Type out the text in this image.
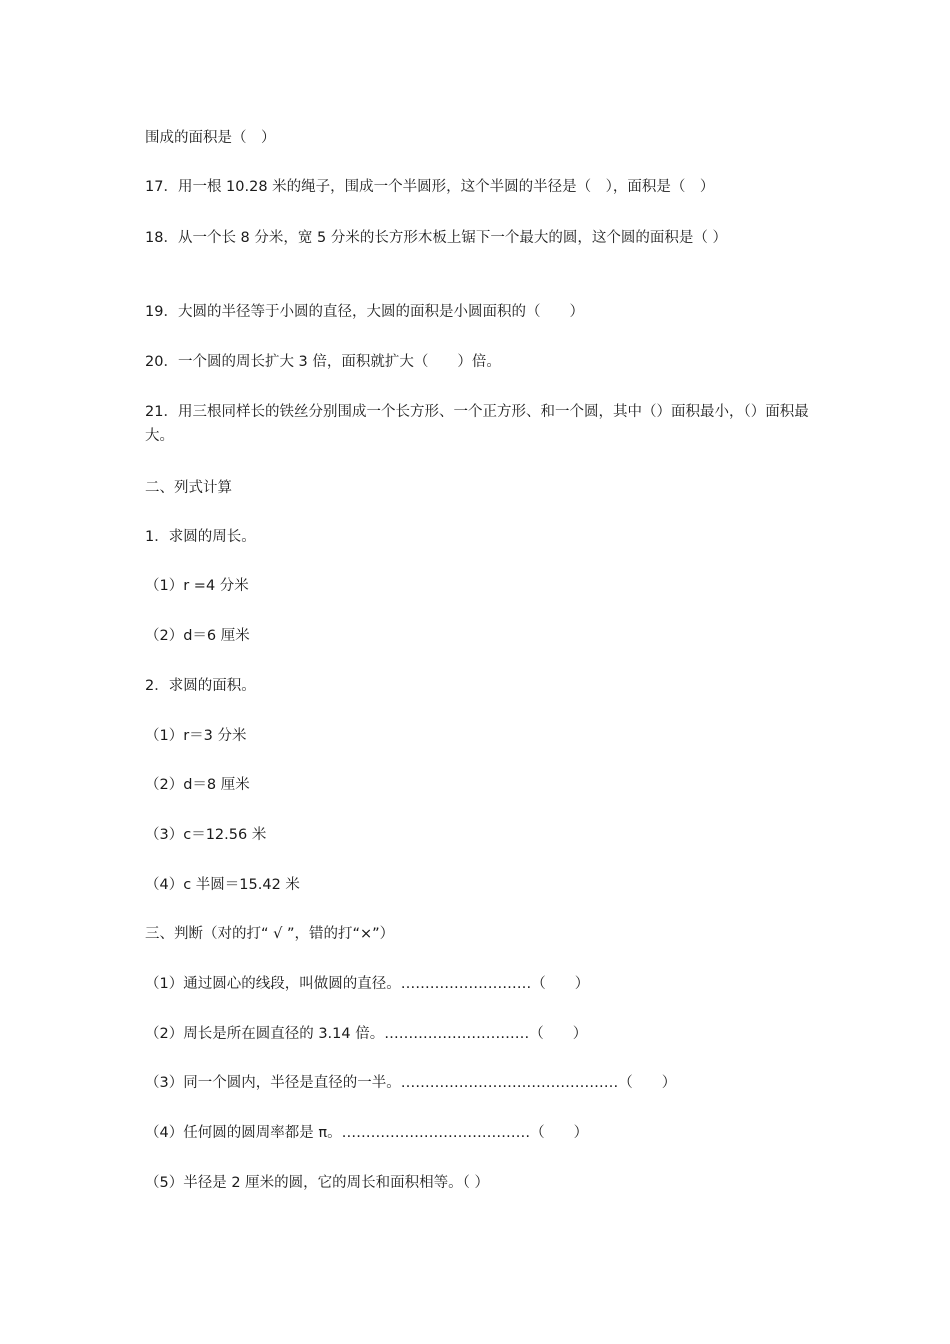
围成的面积是（　）
17．用一根 10.28 米的绳子，围成一个半圆形，这个半圆的半径是（　），面积是（　）
18．从一个长 8 分米，宽 5 分米的长方形木板上锯下一个最大的圆，这个圆的面积是（ ）
19．大圆的半径等于小圆的直径，大圆的面积是小圆面积的（　　）
20．一个圆的周长扩大 3 倍，面积就扩大（　　）倍。
21．用三根同样长的铁丝分别围成一个长方形、一个正方形、和一个圆，其中（）面积最小，（）面积最大。
二、列式计算
1．求圆的周长。
（1）r =4 分米
（2）d＝6 厘米
2．求圆的面积。
（1）r＝3 分米
（2）d＝8 厘米
（3）c＝12.56 米
（4）c 半圆＝15.42 米
三、判断（对的打“ √ ”，错的打“×”）
（1）通过圆心的线段，叫做圆的直径。………………………（　　）
（2）周长是所在圆直径的 3.14 倍。…………………………（　　）
（3）同一个圆内，半径是直径的一半。………………………………………（　　）
（4）任何圆的圆周率都是 π。…………………………………（　　）
（5）半径是 2 厘米的圆，它的周长和面积相等。（ ）
